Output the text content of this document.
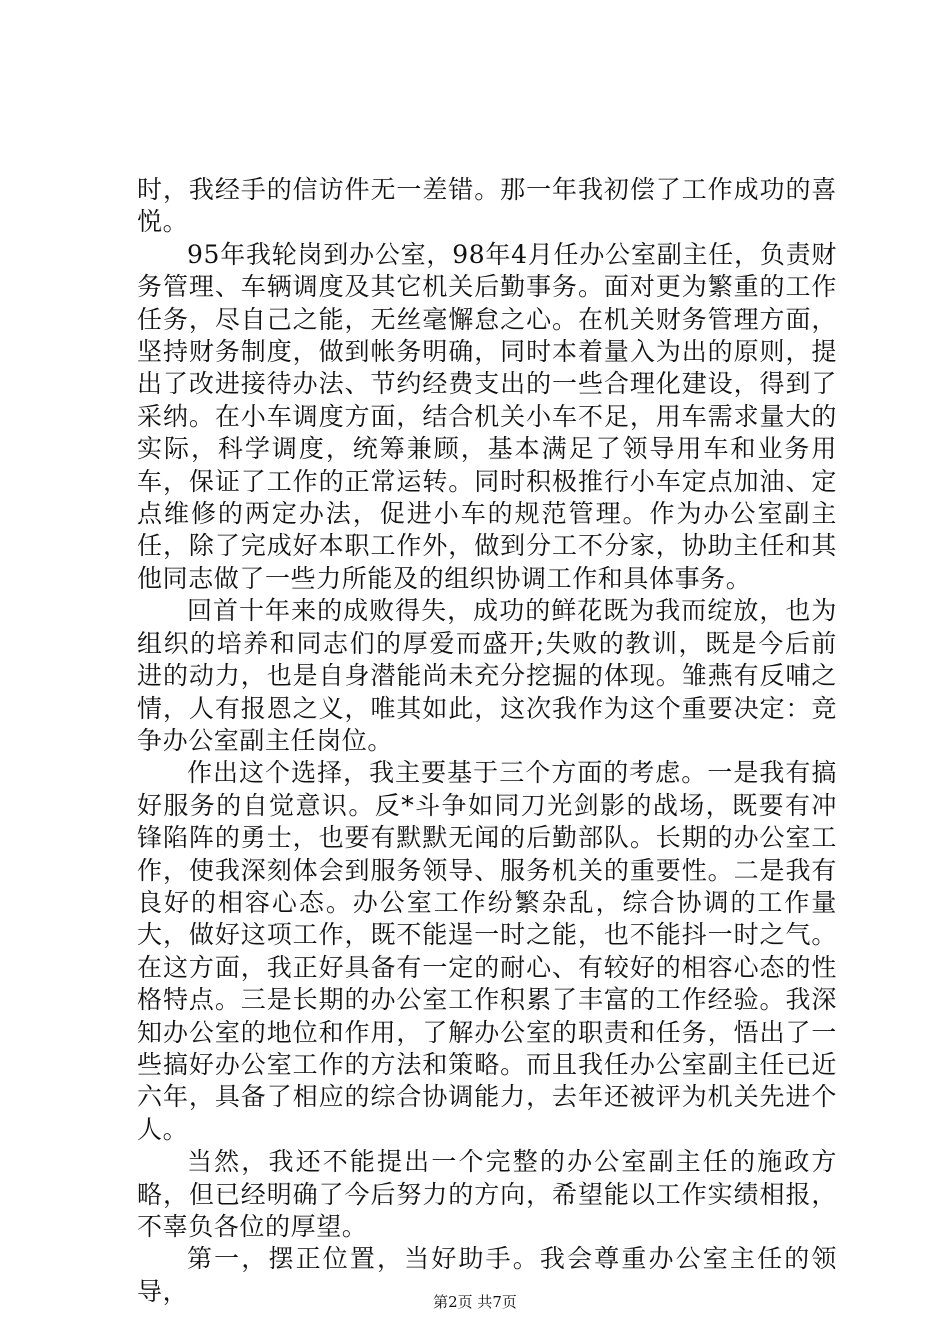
时，我经手的信访件无一差错。那一年我初偿了工作成功的喜悦。

95年我轮岗到办公室，98年4月任办公室副主任，负责财务管理、车辆调度及其它机关后勤事务。面对更为繁重的工作任务，尽自己之能，无丝毫懈怠之心。在机关财务管理方面，坚持财务制度，做到帐务明确，同时本着量入为出的原则，提出了改进接待办法、节约经费支出的一些合理化建设，得到了采纳。在小车调度方面，结合机关小车不足，用车需求量大的实际，科学调度，统筹兼顾，基本满足了领导用车和业务用车，保证了工作的正常运转。同时积极推行小车定点加油、定点维修的两定办法，促进小车的规范管理。作为办公室副主任，除了完成好本职工作外，做到分工不分家，协助主任和其他同志做了一些力所能及的组织协调工作和具体事务。

回首十年来的成败得失，成功的鲜花既为我而绽放，也为组织的培养和同志们的厚爱而盛开;失败的教训，既是今后前进的动力，也是自身潜能尚未充分挖掘的体现。雏燕有反哺之情，人有报恩之义，唯其如此，这次我作为这个重要决定：竞争办公室副主任岗位。

作出这个选择，我主要基于三个方面的考虑。一是我有搞好服务的自觉意识。反*斗争如同刀光剑影的战场，既要有冲锋陷阵的勇士，也要有默默无闻的后勤部队。长期的办公室工作，使我深刻体会到服务领导、服务机关的重要性。二是我有良好的相容心态。办公室工作纷繁杂乱，综合协调的工作量大，做好这项工作，既不能逞一时之能，也不能抖一时之气。在这方面，我正好具备有一定的耐心、有较好的相容心态的性格特点。三是长期的办公室工作积累了丰富的工作经验。我深知办公室的地位和作用，了解办公室的职责和任务，悟出了一些搞好办公室工作的方法和策略。而且我任办公室副主任已近六年，具备了相应的综合协调能力，去年还被评为机关先进个人。

当然，我还不能提出一个完整的办公室副主任的施政方略，但已经明确了今后努力的方向，希望能以工作实绩相报，不辜负各位的厚望。

第一，摆正位置，当好助手。我会尊重办公室主任的领导，	第2页 共7页
